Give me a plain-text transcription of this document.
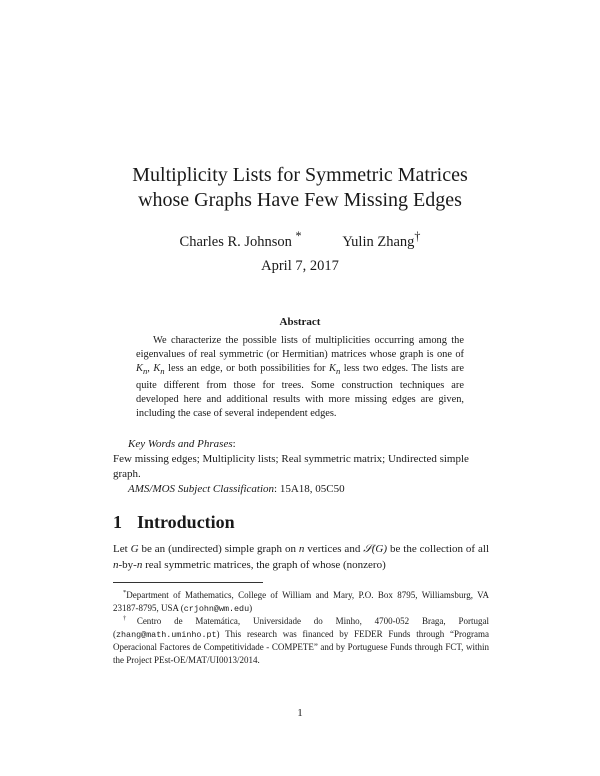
Multiplicity Lists for Symmetric Matrices
whose Graphs Have Few Missing Edges
Charles R. Johnson *	Yulin Zhang†
April 7, 2017
Abstract
We characterize the possible lists of multiplicities occurring among the eigenvalues of real symmetric (or Hermitian) matrices whose graph is one of $K_n$, $K_n$ less an edge, or both possibilities for $K_n$ less two edges. The lists are quite different from those for trees. Some construction techniques are developed here and additional results with more missing edges are given, including the case of several independent edges.
Key Words and Phrases:
Few missing edges; Multiplicity lists; Real symmetric matrix; Undirected simple graph.
AMS/MOS Subject Classification: 15A18, 05C50
1 Introduction
Let G be an (undirected) simple graph on n vertices and 𝒮(G) be the collection of all n-by-n real symmetric matrices, the graph of whose (nonzero)
*Department of Mathematics, College of William and Mary, P.O. Box 8795, Williamsburg, VA 23187-8795, USA (crjohn@wm.edu)
†Centro de Matemática, Universidade do Minho, 4700-052 Braga, Portugal (zhang@math.uminho.pt) This research was financed by FEDER Funds through “Programa Operacional Factores de Competitividade - COMPETE” and by Portuguese Funds through FCT, within the Project PEst-OE/MAT/UI0013/2014.
1
